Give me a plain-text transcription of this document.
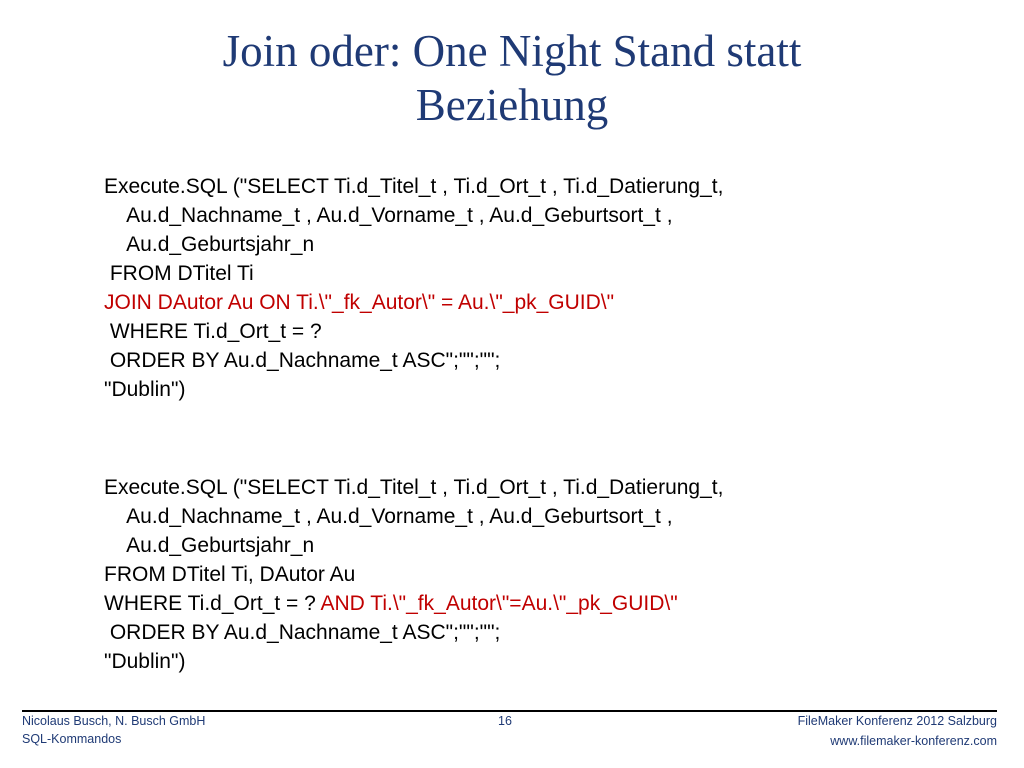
Join oder: One Night Stand statt
Beziehung
Execute.SQL ("SELECT Ti.d_Titel_t , Ti.d_Ort_t , Ti.d_Datierung_t,
Au.d_Nachname_t , Au.d_Vorname_t , Au.d_Geburtsort_t ,
Au.d_Geburtsjahr_n
FROM DTitel Ti
JOIN DAutor Au ON Ti.\"_fk_Autor\" = Au.\"_pk_GUID\"
WHERE Ti.d_Ort_t = ?
ORDER BY Au.d_Nachname_t ASC";"";"";
"Dublin")
Execute.SQL ("SELECT Ti.d_Titel_t , Ti.d_Ort_t , Ti.d_Datierung_t,
Au.d_Nachname_t , Au.d_Vorname_t , Au.d_Geburtsort_t ,
Au.d_Geburtsjahr_n
FROM DTitel Ti, DAutor Au
WHERE Ti.d_Ort_t = ? AND Ti.\"_fk_Autor\"=Au.\"_pk_GUID\"
ORDER BY Au.d_Nachname_t ASC";"";"";
"Dublin")
Nicolaus Busch, N. Busch GmbH
SQL-Kommandos
16	FileMaker Konferenz 2012 Salzburg
www.filemaker-konferenz.com
